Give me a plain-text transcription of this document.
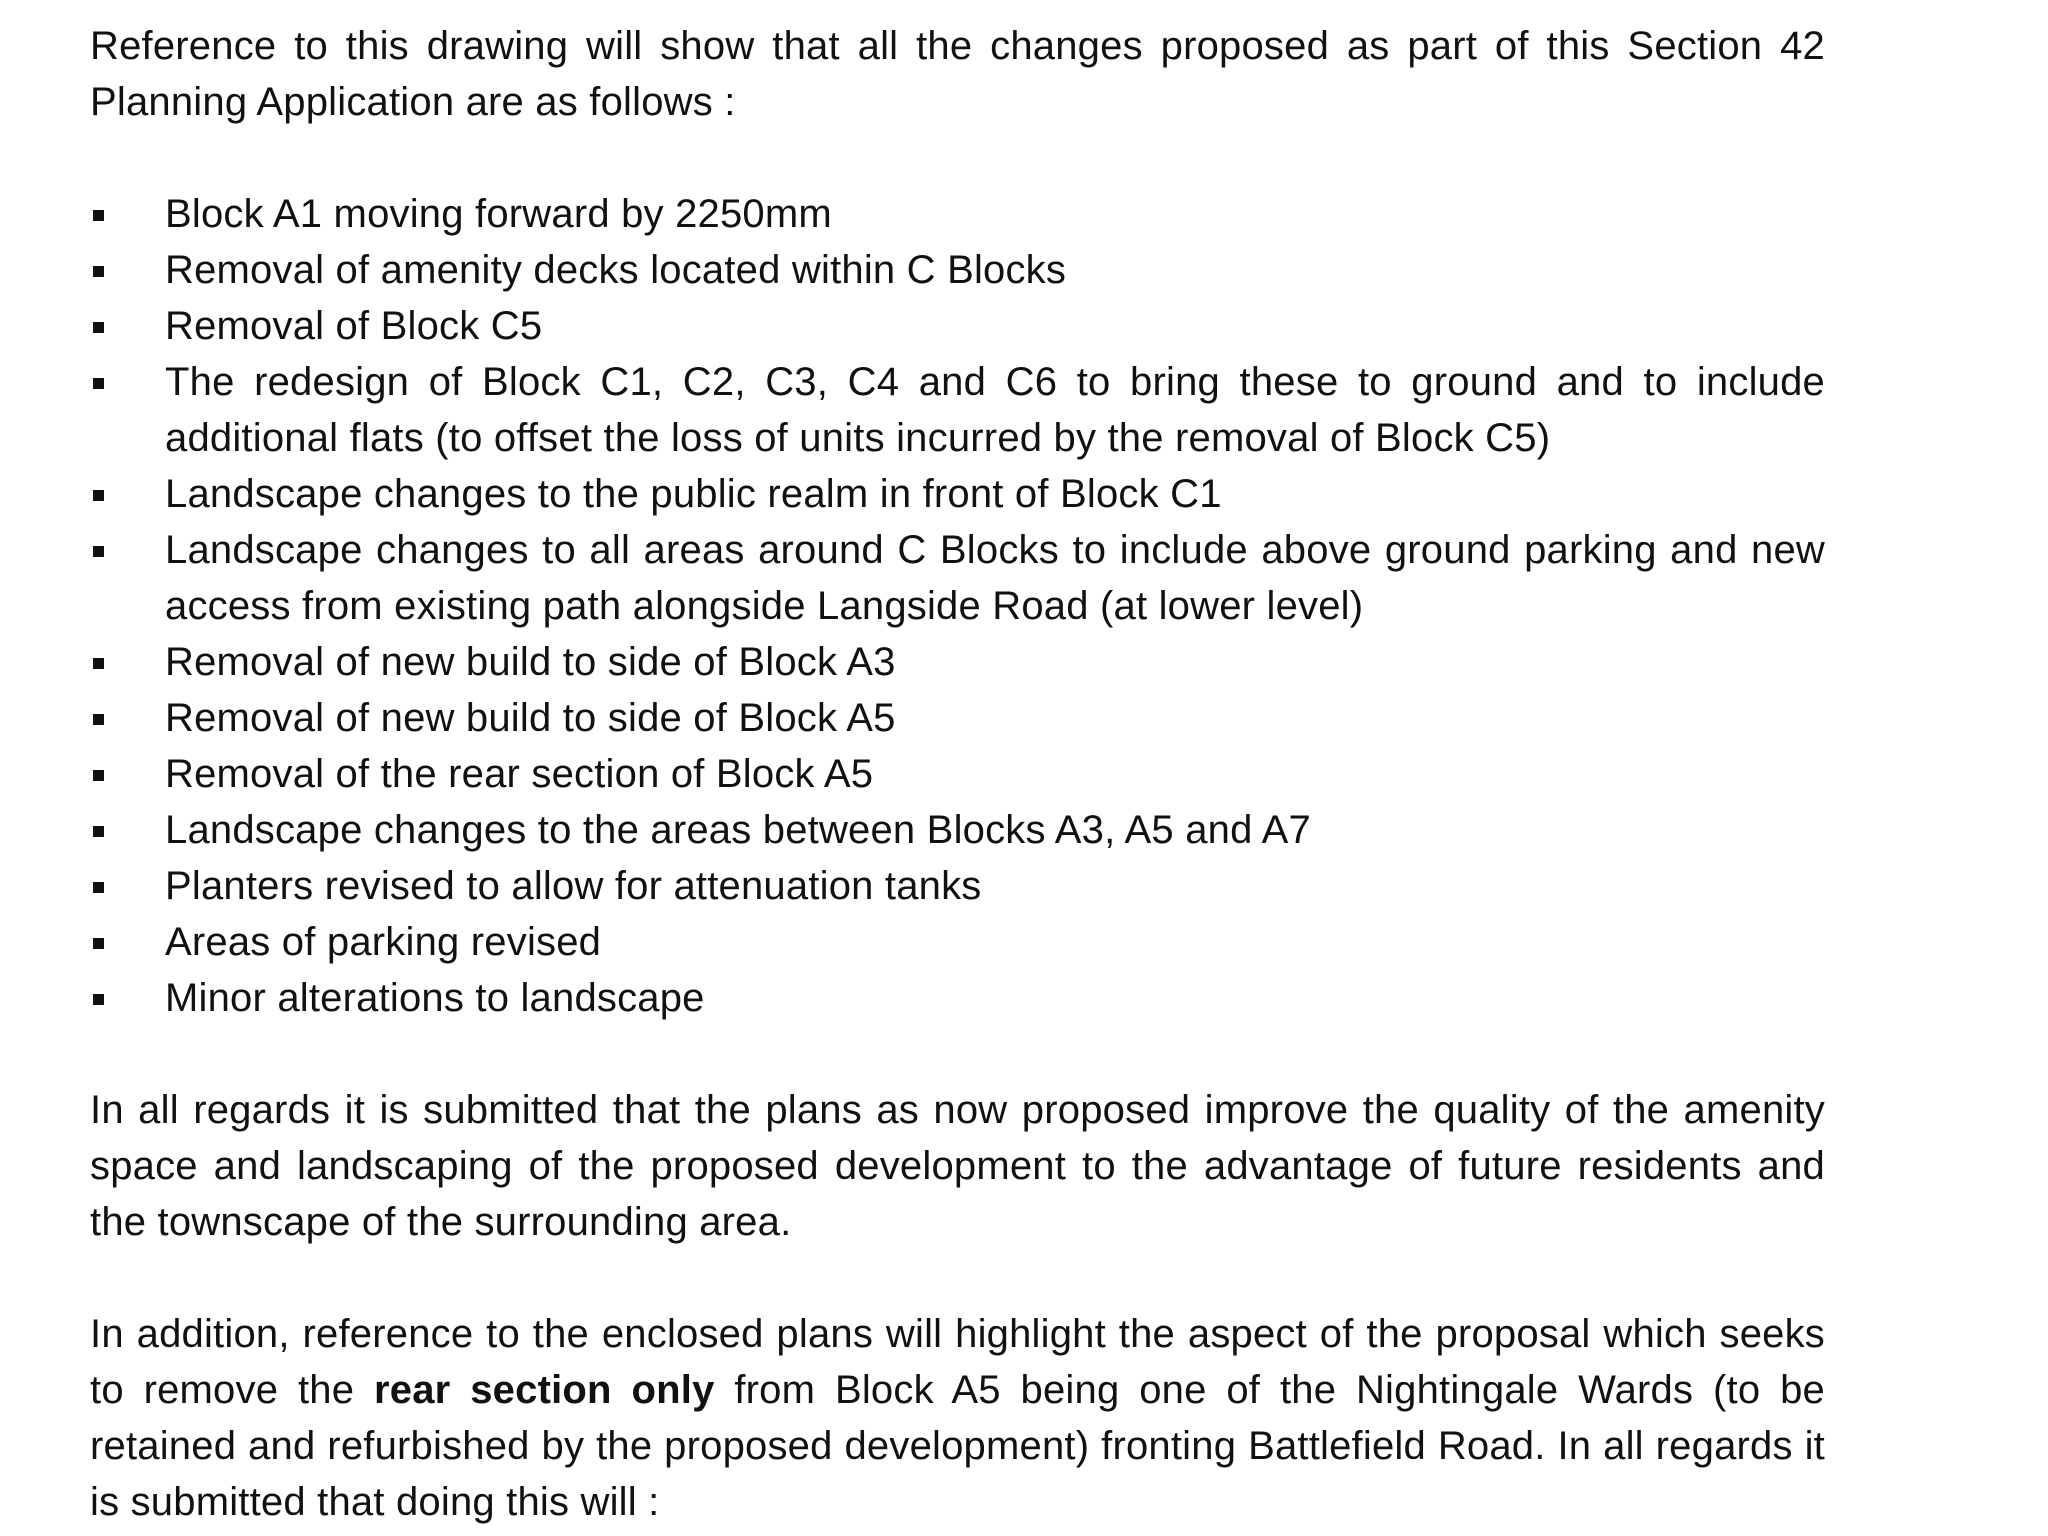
Reference to this drawing will show that all the changes proposed as part of this Section 42 Planning Application are as follows :

Block A1 moving forward by 2250mm
Removal of amenity decks located within C Blocks
Removal of Block C5
The redesign of Block C1, C2, C3, C4 and C6 to bring these to ground and to include additional flats (to offset the loss of units incurred by the removal of Block C5)
Landscape changes to the public realm in front of Block C1
Landscape changes to all areas around C Blocks to include above ground parking and new access from existing path alongside Langside Road (at lower level)
Removal of new build to side of Block A3
Removal of new build to side of Block A5
Removal of the rear section of Block A5
Landscape changes to the areas between Blocks A3, A5 and A7
Planters revised to allow for attenuation tanks
Areas of parking revised
Minor alterations to landscape

In all regards it is submitted that the plans as now proposed improve the quality of the amenity space and landscaping of the proposed development to the advantage of future residents and the townscape of the surrounding area.

In addition, reference to the enclosed plans will highlight the aspect of the proposal which seeks to remove the rear section only from Block A5 being one of the Nightingale Wards (to be retained and refurbished by the proposed development) fronting Battlefield Road. In all regards it is submitted that doing this will :
